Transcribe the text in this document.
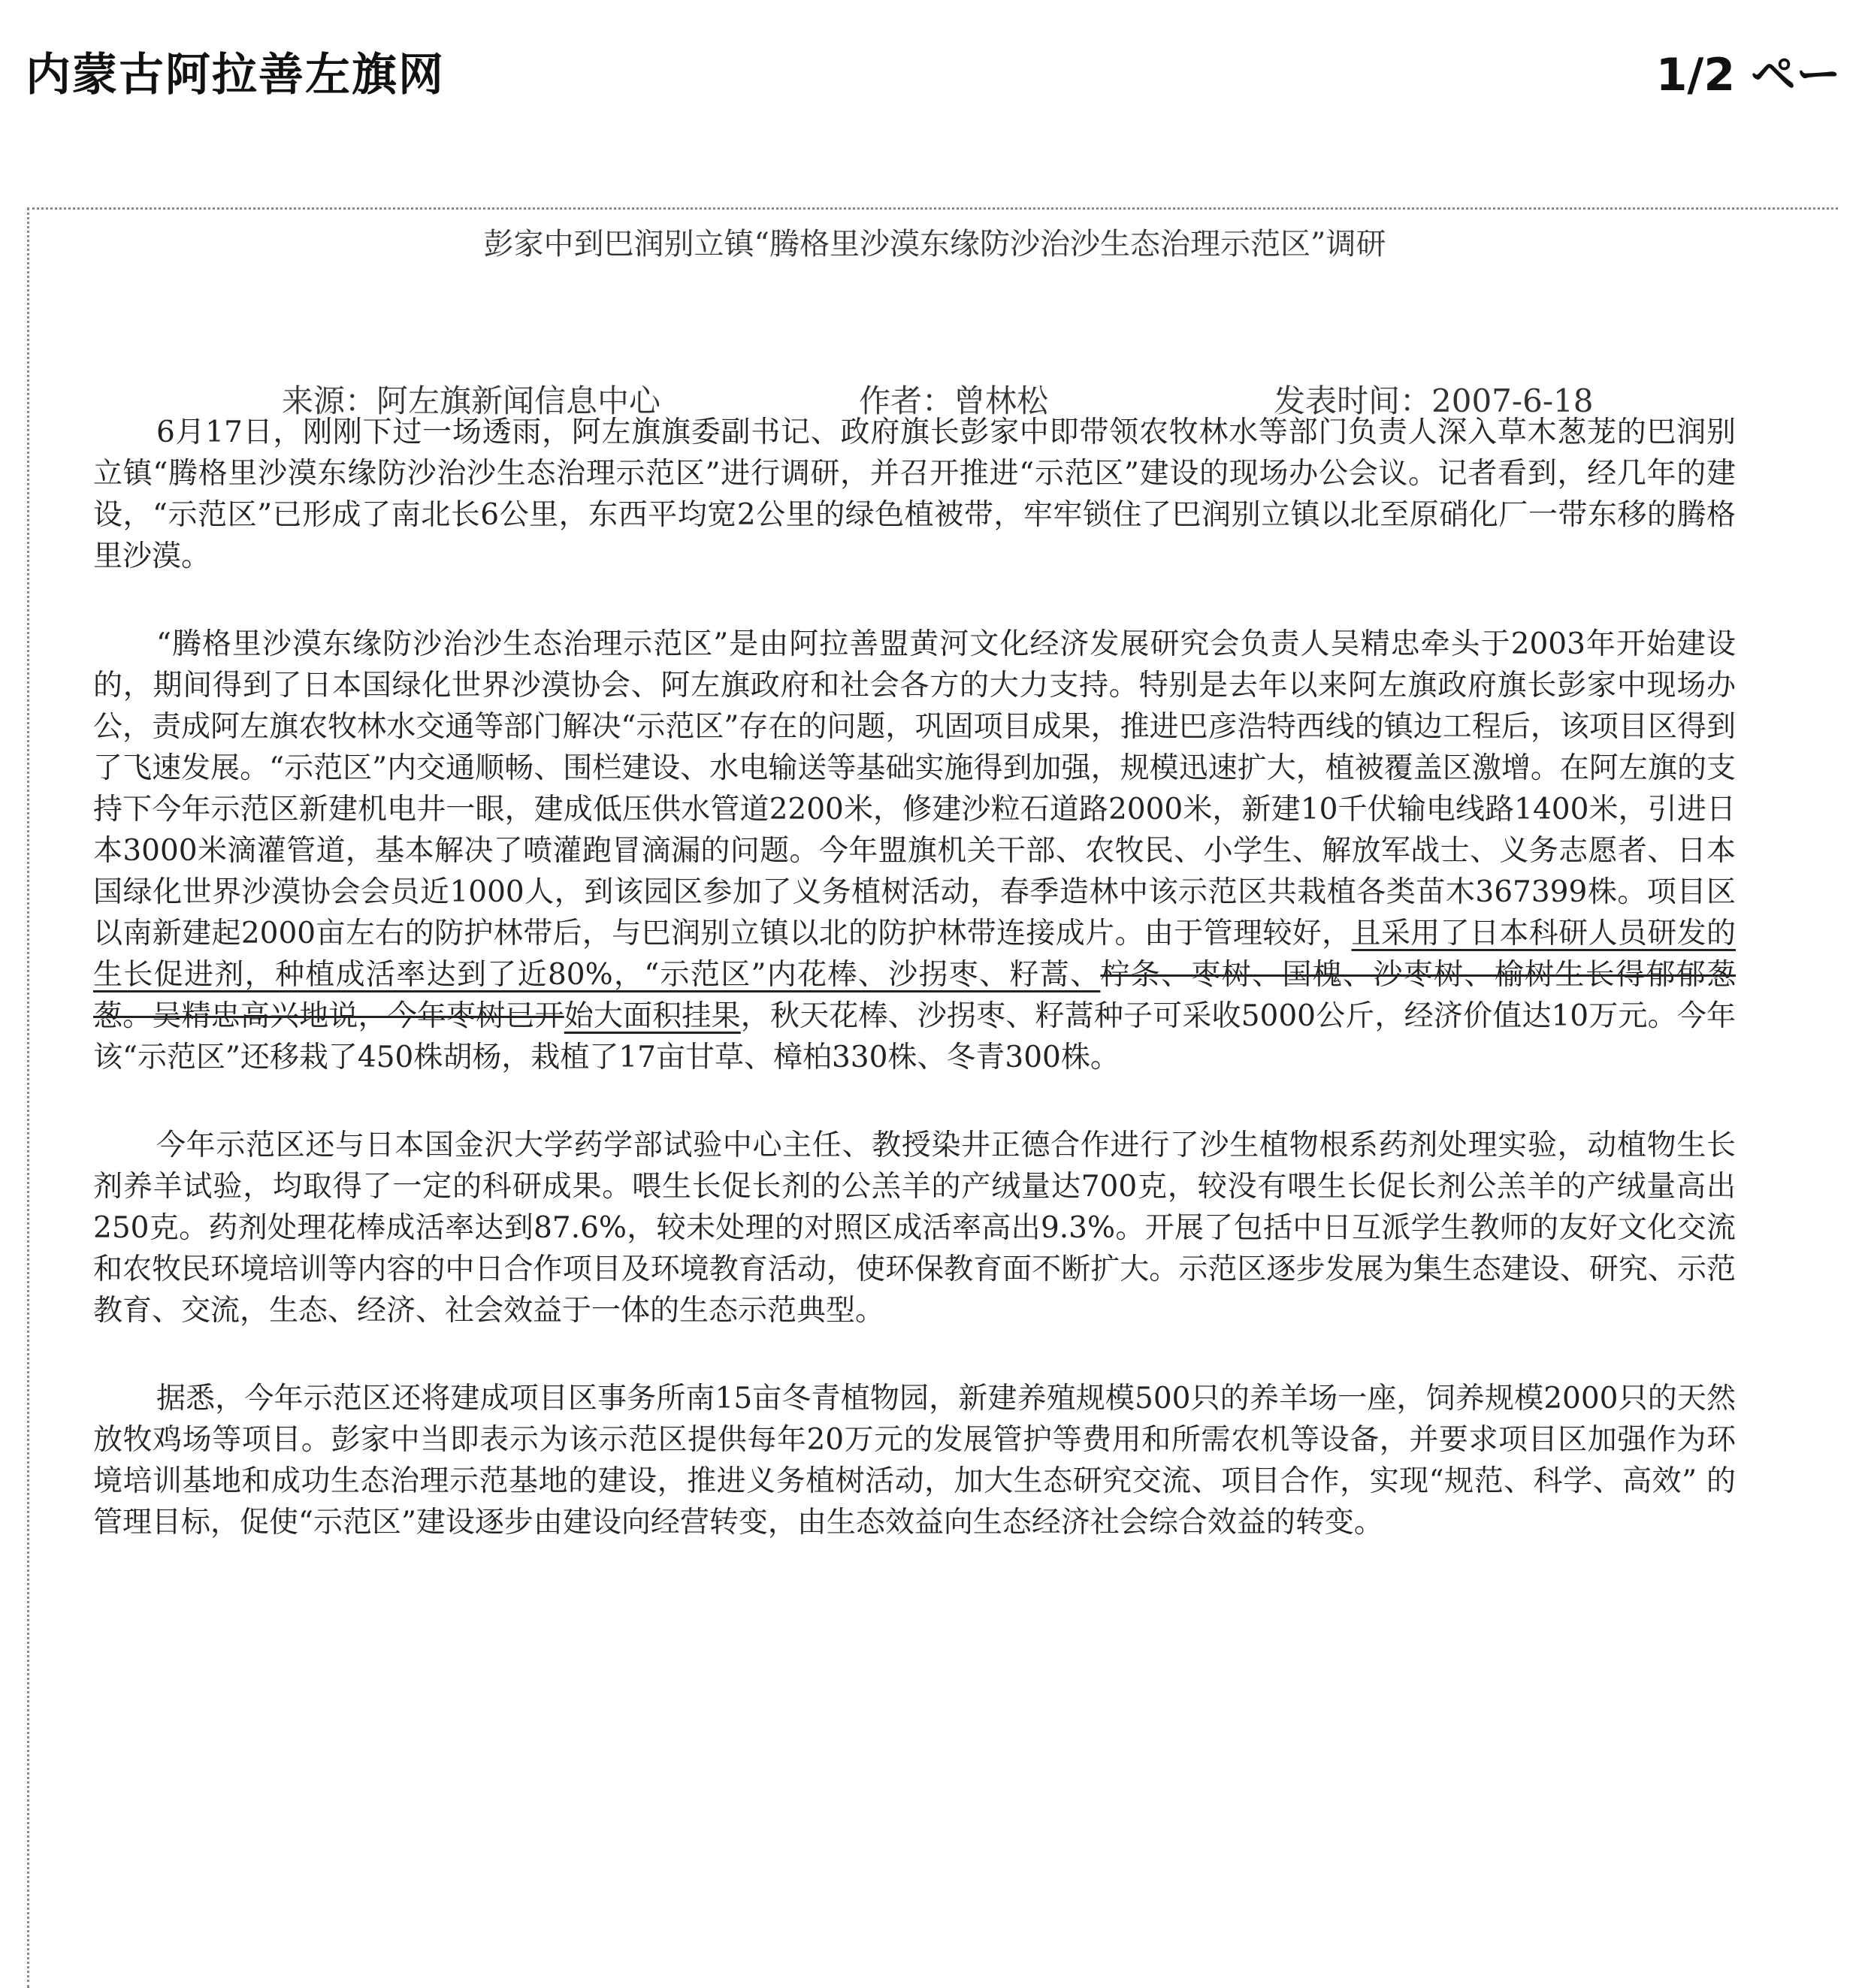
内蒙古阿拉善左旗网	1/2 ペー
彭家中到巴润别立镇“腾格里沙漠东缘防沙治沙生态治理示范区”调研
来源：阿左旗新闻信息中心	作者：曾林松	发表时间：2007-6-18

6月17日，刚刚下过一场透雨，阿左旗旗委副书记、政府旗长彭家中即带领农牧林水等部门负责人深入草木葱茏的巴润别立镇“腾格里沙漠东缘防沙治沙生态治理示范区”进行调研，并召开推进“示范区”建设的现场办公会议。记者看到，经几年的建设，“示范区”已形成了南北长6公里，东西平均宽2公里的绿色植被带，牢牢锁住了巴润别立镇以北至原硝化厂一带东移的腾格里沙漠。

“腾格里沙漠东缘防沙治沙生态治理示范区”是由阿拉善盟黄河文化经济发展研究会负责人吴精忠牵头于2003年开始建设的，期间得到了日本国绿化世界沙漠协会、阿左旗政府和社会各方的大力支持。特别是去年以来阿左旗政府旗长彭家中现场办公，责成阿左旗农牧林水交通等部门解决“示范区”存在的问题，巩固项目成果，推进巴彦浩特西线的镇边工程后，该项目区得到了飞速发展。“示范区”内交通顺畅、围栏建设、水电输送等基础实施得到加强，规模迅速扩大，植被覆盖区激增。在阿左旗的支持下今年示范区新建机电井一眼，建成低压供水管道2200米，修建沙粒石道路2000米，新建10千伏输电线路1400米，引进日本3000米滴灌管道，基本解决了喷灌跑冒滴漏的问题。今年盟旗机关干部、农牧民、小学生、解放军战士、义务志愿者、日本国绿化世界沙漠协会会员近1000人，到该园区参加了义务植树活动，春季造林中该示范区共栽植各类苗木367399株。项目区以南新建起2000亩左右的防护林带后，与巴润别立镇以北的防护林带连接成片。由于管理较好，且采用了日本科研人员研发的生长促进剂，种植成活率达到了近80%，“示范区”内花棒、沙拐枣、籽蒿、柠条、枣树、国槐、沙枣树、榆树生长得郁郁葱葱。吴精忠高兴地说，今年枣树已开始大面积挂果，秋天花棒、沙拐枣、籽蒿种子可采收5000公斤，经济价值达10万元。今年该“示范区”还移栽了450株胡杨，栽植了17亩甘草、樟柏330株、冬青300株。

今年示范区还与日本国金沢大学药学部试验中心主任、教授染井正德合作进行了沙生植物根系药剂处理实验，动植物生长剂养羊试验，均取得了一定的科研成果。喂生长促长剂的公羔羊的产绒量达700克，较没有喂生长促长剂公羔羊的产绒量高出250克。药剂处理花棒成活率达到87.6%，较未处理的对照区成活率高出9.3%。开展了包括中日互派学生教师的友好文化交流和农牧民环境培训等内容的中日合作项目及环境教育活动，使环保教育面不断扩大。示范区逐步发展为集生态建设、研究、示范教育、交流，生态、经济、社会效益于一体的生态示范典型。

据悉，今年示范区还将建成项目区事务所南15亩冬青植物园，新建养殖规模500只的养羊场一座，饲养规模2000只的天然放牧鸡场等项目。彭家中当即表示为该示范区提供每年20万元的发展管护等费用和所需农机等设备，并要求项目区加强作为环境培训基地和成功生态治理示范基地的建设，推进义务植树活动，加大生态研究交流、项目合作，实现“规范、科学、高效” 的管理目标，促使“示范区”建设逐步由建设向经营转变，由生态效益向生态经济社会综合效益的转变。
